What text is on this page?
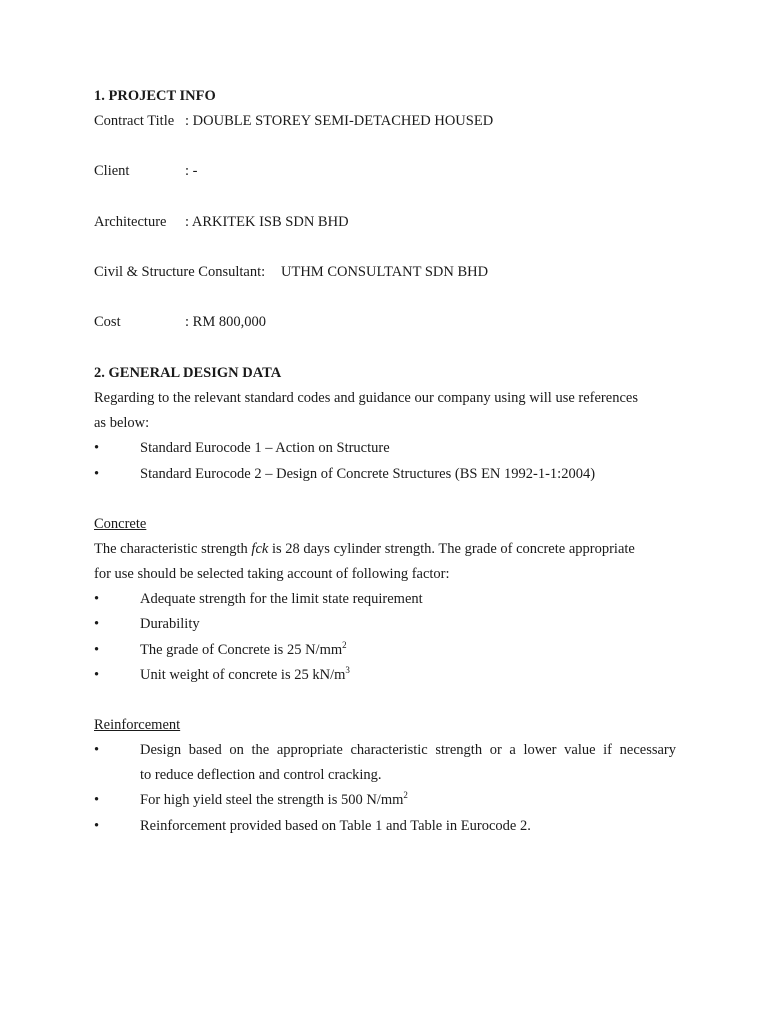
1. PROJECT INFO
Contract Title : DOUBLE STOREY SEMI-DETACHED HOUSED
Client	: -
Architecture : ARKITEK ISB SDN BHD
Civil & Structure Consultant: UTHM CONSULTANT SDN BHD
Cost	: RM 800,000
2. GENERAL DESIGN DATA
Regarding to the relevant standard codes and guidance our company using will use references
as below:
•	Standard Eurocode 1 – Action on Structure
•	Standard Eurocode 2 – Design of Concrete Structures (BS EN 1992-1-1:2004)
Concrete
The characteristic strength fck is 28 days cylinder strength. The grade of concrete appropriate
for use should be selected taking account of following factor:
•	Adequate strength for the limit state requirement
•	Durability
•	The grade of Concrete is 25 $N/mm^2$
•	Unit weight of concrete is 25 $kN/m^3$
Reinforcement
•	Design based on the appropriate characteristic strength or a lower value if necessary
to reduce deflection and control cracking.
•	For high yield steel the strength is 500 $N/mm^2$
•	Reinforcement provided based on Table 1 and Table in Eurocode 2.
